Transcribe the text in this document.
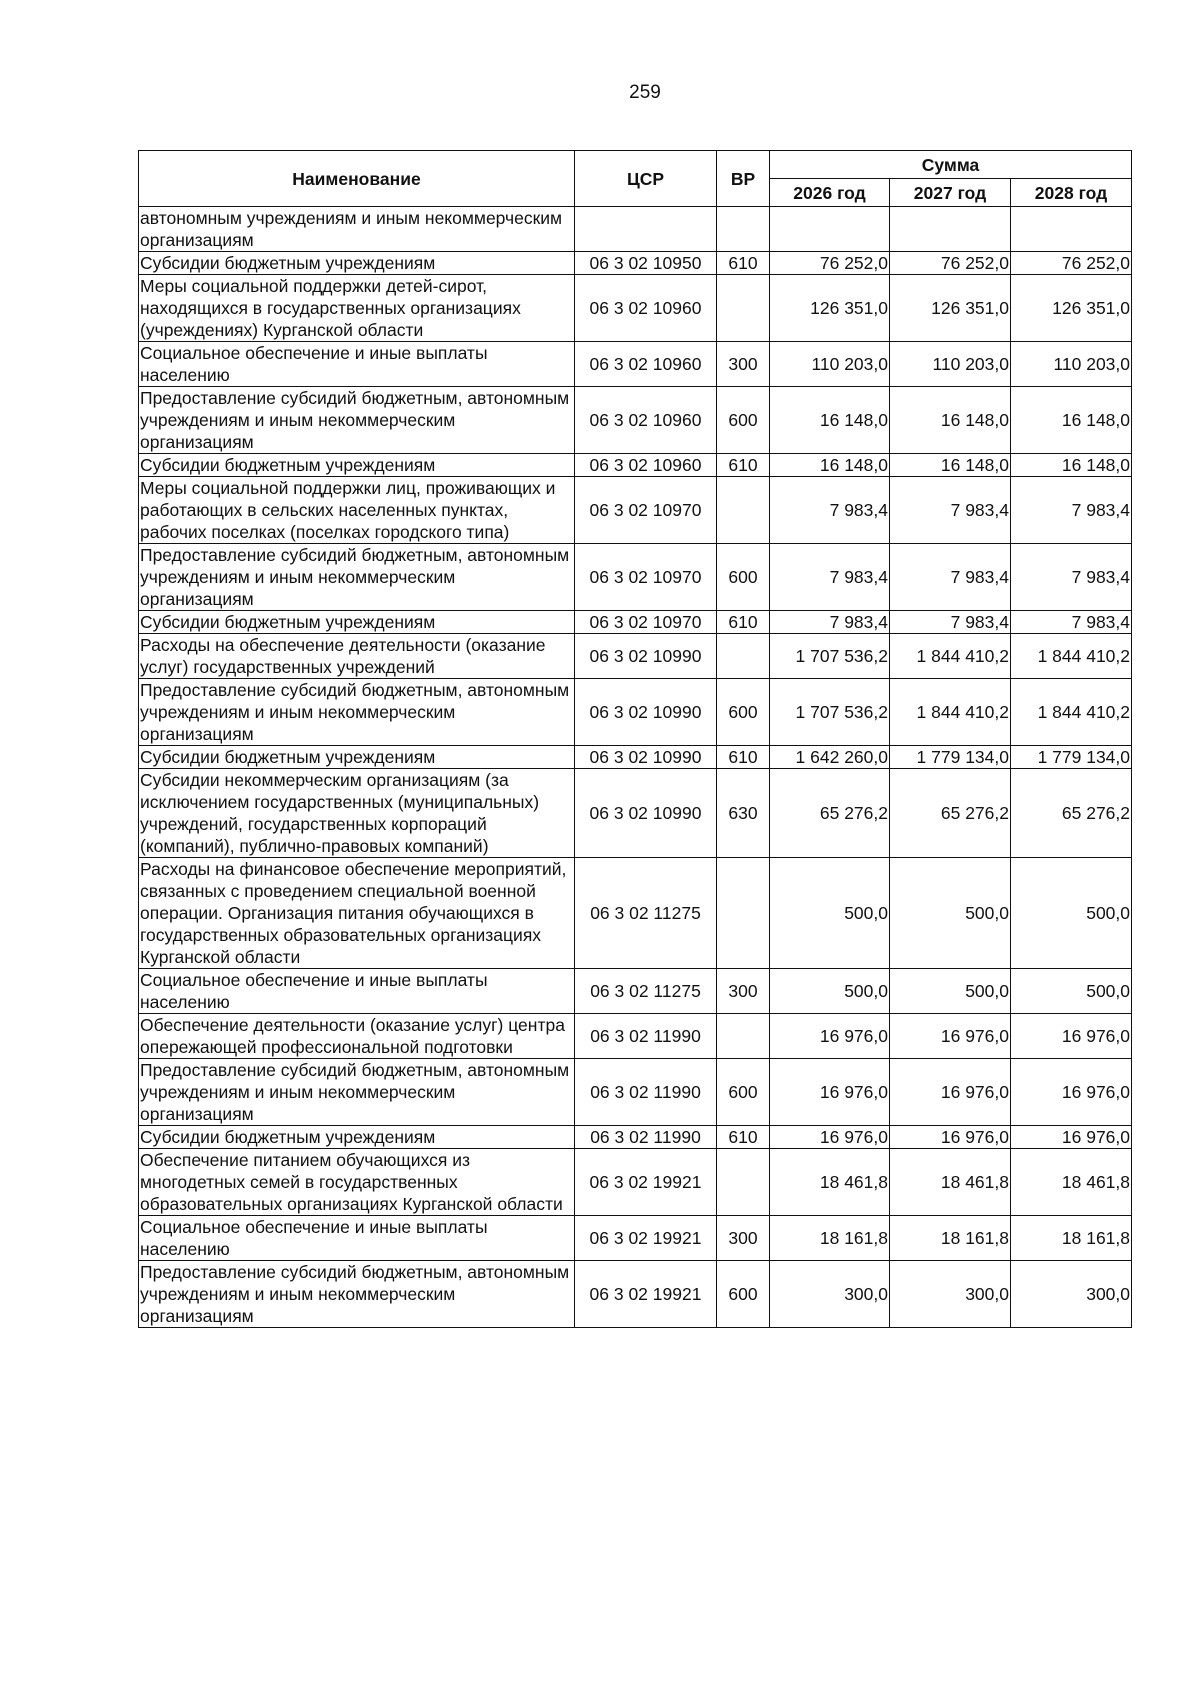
259
Наименование	ЦСР	ВР	Сумма		
			2026 год	2027 год	2028 год
автономным учреждениям и иным некоммерческим организациям					
Субсидии бюджетным учреждениям	06 3 02 10950	610	76 252,0	76 252,0	76 252,0
Меры социальной поддержки детей-сирот, находящихся в государственных организациях (учреждениях) Курганской области	06 3 02 10960		126 351,0	126 351,0	126 351,0
Социальное обеспечение и иные выплаты населению	06 3 02 10960	300	110 203,0	110 203,0	110 203,0
Предоставление субсидий бюджетным, автономным учреждениям и иным некоммерческим организациям	06 3 02 10960	600	16 148,0	16 148,0	16 148,0
Субсидии бюджетным учреждениям	06 3 02 10960	610	16 148,0	16 148,0	16 148,0
Меры социальной поддержки лиц, проживающих и работающих в сельских населенных пунктах, рабочих поселках (поселках городского типа)	06 3 02 10970		7 983,4	7 983,4	7 983,4
Предоставление субсидий бюджетным, автономным учреждениям и иным некоммерческим организациям	06 3 02 10970	600	7 983,4	7 983,4	7 983,4
Субсидии бюджетным учреждениям	06 3 02 10970	610	7 983,4	7 983,4	7 983,4
Расходы на обеспечение деятельности (оказание услуг) государственных учреждений	06 3 02 10990		1 707 536,2	1 844 410,2	1 844 410,2
Предоставление субсидий бюджетным, автономным учреждениям и иным некоммерческим организациям	06 3 02 10990	600	1 707 536,2	1 844 410,2	1 844 410,2
Субсидии бюджетным учреждениям	06 3 02 10990	610	1 642 260,0	1 779 134,0	1 779 134,0
Субсидии некоммерческим организациям (за исключением государственных (муниципальных) учреждений, государственных корпораций (компаний), публично-правовых компаний)	06 3 02 10990	630	65 276,2	65 276,2	65 276,2
Расходы на финансовое обеспечение мероприятий, связанных с проведением специальной военной операции. Организация питания обучающихся в государственных образовательных организациях Курганской области	06 3 02 11275		500,0	500,0	500,0
Социальное обеспечение и иные выплаты населению	06 3 02 11275	300	500,0	500,0	500,0
Обеспечение деятельности (оказание услуг) центра опережающей профессиональной подготовки	06 3 02 11990		16 976,0	16 976,0	16 976,0
Предоставление субсидий бюджетным, автономным учреждениям и иным некоммерческим организациям	06 3 02 11990	600	16 976,0	16 976,0	16 976,0
Субсидии бюджетным учреждениям	06 3 02 11990	610	16 976,0	16 976,0	16 976,0
Обеспечение питанием обучающихся из многодетных семей в государственных образовательных организациях Курганской области	06 3 02 19921		18 461,8	18 461,8	18 461,8
Социальное обеспечение и иные выплаты населению	06 3 02 19921	300	18 161,8	18 161,8	18 161,8
Предоставление субсидий бюджетным, автономным учреждениям и иным некоммерческим организациям	06 3 02 19921	600	300,0	300,0	300,0
